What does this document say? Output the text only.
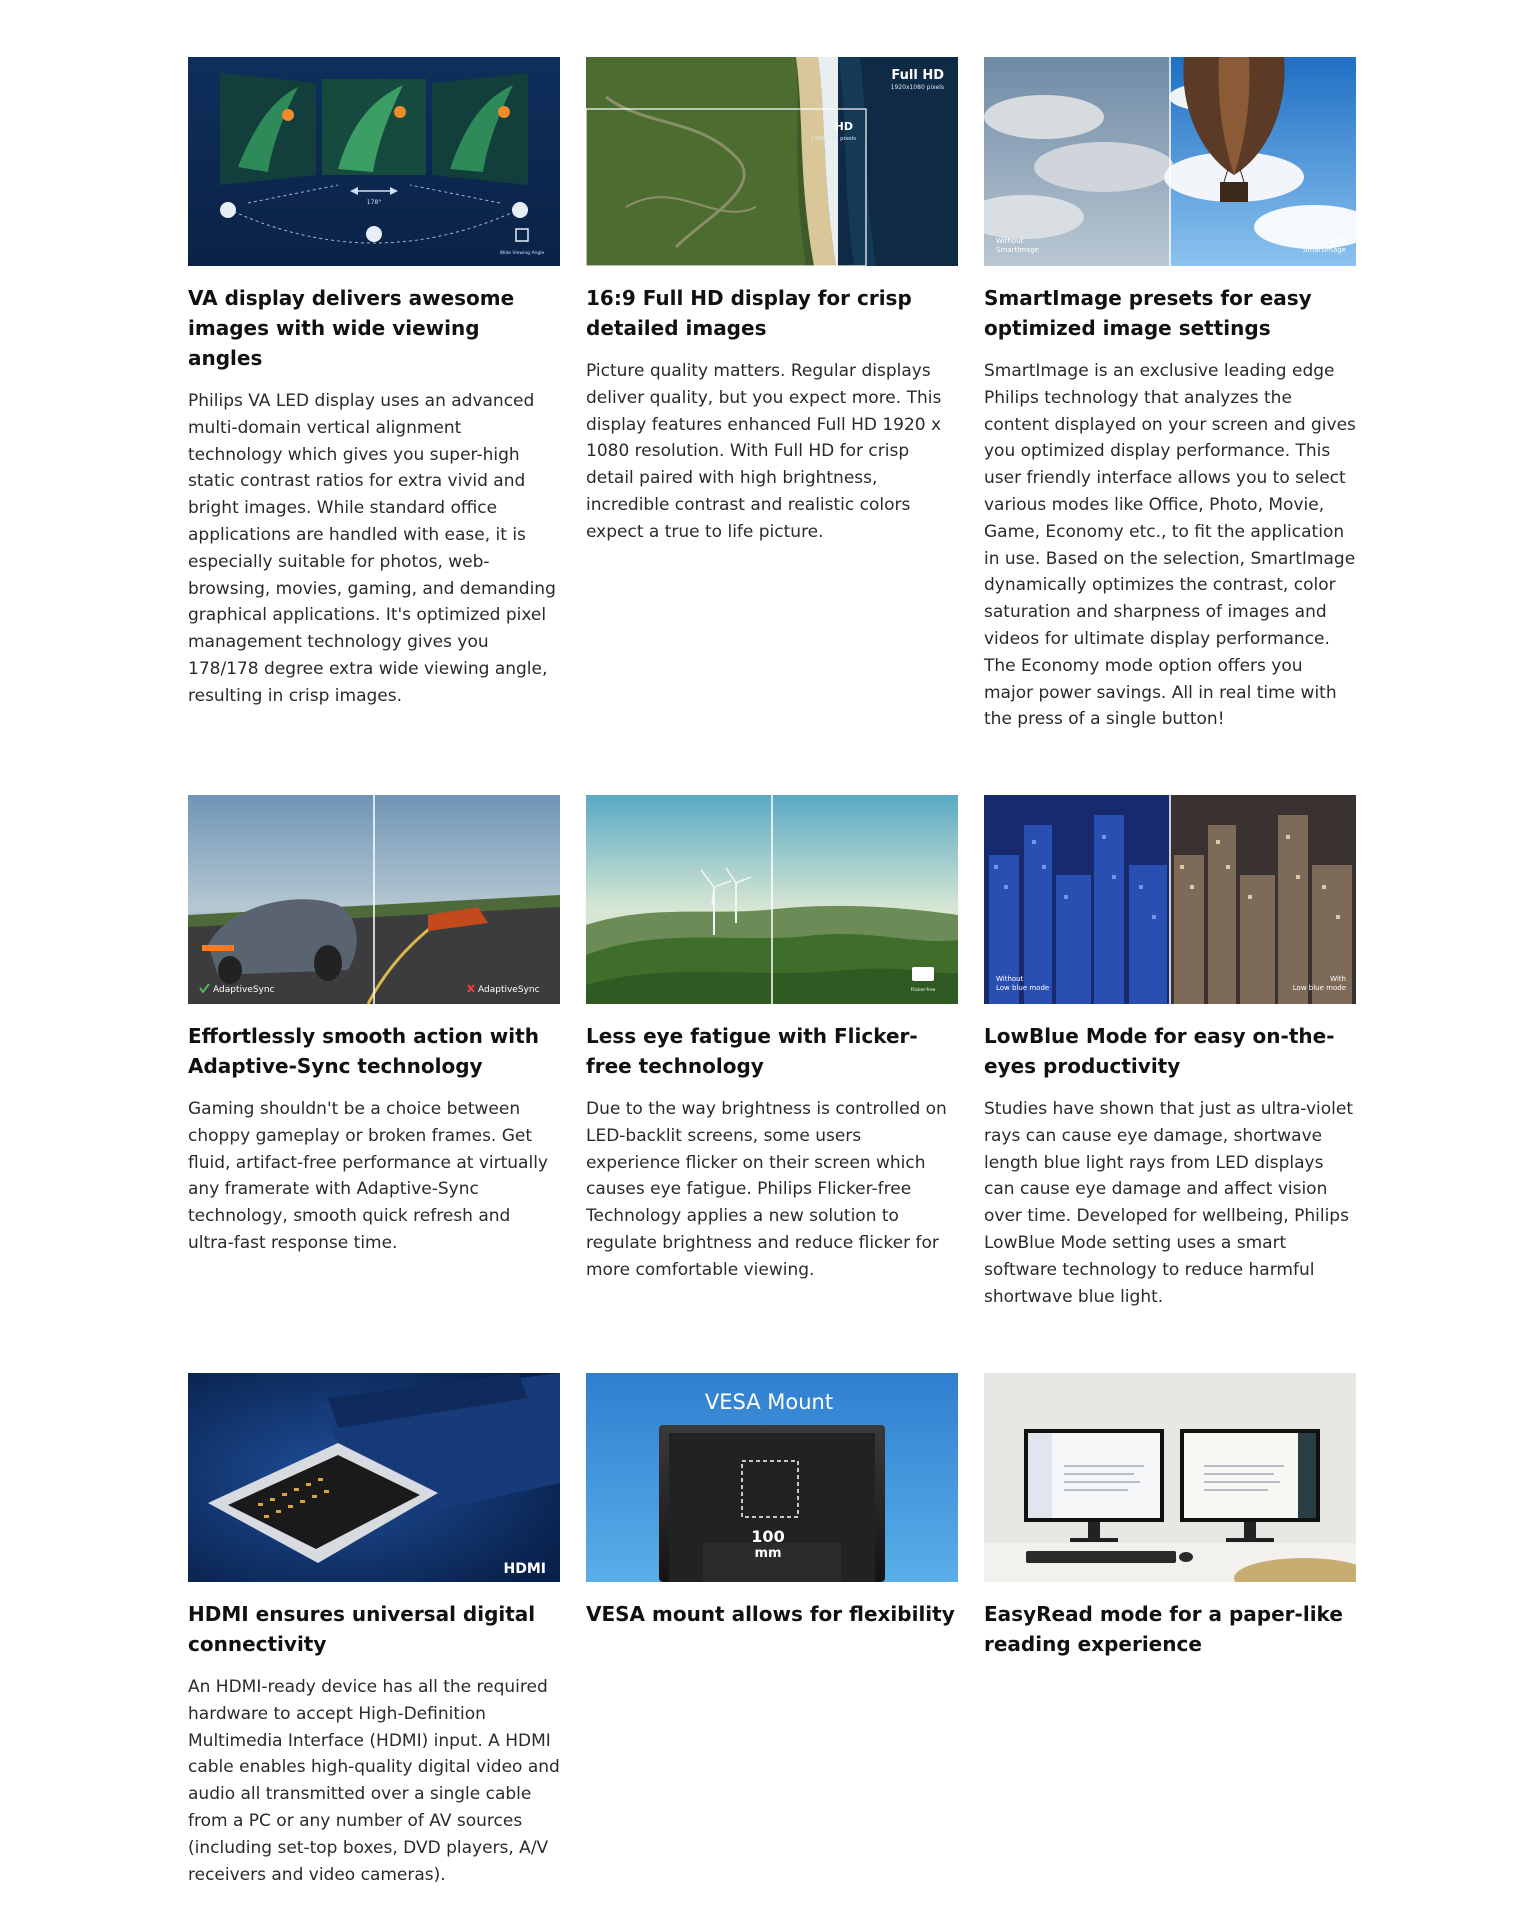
178°
Wide Viewing Angle
VA display delivers awesome images with wide viewing angles

Philips VA LED display uses an advanced multi-domain vertical alignment technology which gives you super-high static contrast ratios for extra vivid and bright images. While standard office applications are handled with ease, it is especially suitable for photos, web-browsing, movies, gaming, and demanding graphical applications. It's optimized pixel management technology gives you 178/178 degree extra wide viewing angle, resulting in crisp images.

Full HD
1920x1080 pixels
HD
1366x768 pixels
16:9 Full HD display for crisp detailed images

Picture quality matters. Regular displays deliver quality, but you expect more. This display features enhanced Full HD 1920 x 1080 resolution. With Full HD for crisp detail paired with high brightness, incredible contrast and realistic colors expect a true to life picture.

Without
SmartImage
With
SmartImage
SmartImage presets for easy optimized image settings

SmartImage is an exclusive leading edge Philips technology that analyzes the content displayed on your screen and gives you optimized display performance. This user friendly interface allows you to select various modes like Office, Photo, Movie, Game, Economy etc., to fit the application in use. Based on the selection, SmartImage dynamically optimizes the contrast, color saturation and sharpness of images and videos for ultimate display performance. The Economy mode option offers you major power savings. All in real time with the press of a single button!

AdaptiveSync	AdaptiveSync
Effortlessly smooth action with Adaptive-Sync technology

Gaming shouldn't be a choice between choppy gameplay or broken frames. Get fluid, artifact-free performance at virtually any framerate with Adaptive-Sync technology, smooth quick refresh and ultra-fast response time.

Flicker-free
Less eye fatigue with Flicker-free technology

Due to the way brightness is controlled on LED-backlit screens, some users experience flicker on their screen which causes eye fatigue. Philips Flicker-free Technology applies a new solution to regulate brightness and reduce flicker for more comfortable viewing.

Without
Low blue mode
With
Low blue mode
LowBlue Mode for easy on-the-eyes productivity

Studies have shown that just as ultra-violet rays can cause eye damage, shortwave length blue light rays from LED displays can cause eye damage and affect vision over time. Developed for wellbeing, Philips LowBlue Mode setting uses a smart software technology to reduce harmful shortwave blue light.

HDMI
HDMI ensures universal digital connectivity

An HDMI-ready device has all the required hardware to accept High-Definition Multimedia Interface (HDMI) input. A HDMI cable enables high-quality digital video and audio all transmitted over a single cable from a PC or any number of AV sources (including set-top boxes, DVD players, A/V receivers and video cameras).

VESA Mount
100
mm
VESA mount allows for flexibility EasyRead mode for a paper-like reading experience
